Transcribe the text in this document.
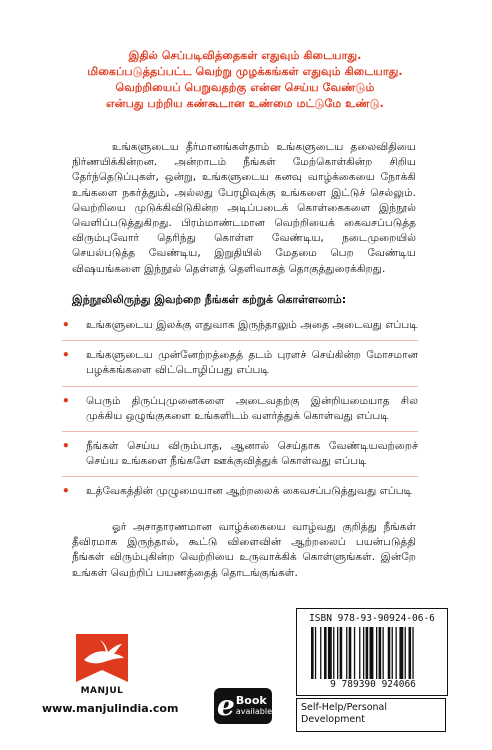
இதில் செப்படிவித்தைகள் எதுவும் கிடையாது.
மிகைப்படுத்தப்பட்ட வெற்று முழக்கங்கள் எதுவும் கிடையாது.
வெற்றியைப் பெறுவதற்கு என்ன செய்ய வேண்டும்
என்பது பற்றிய கண்கூடான உண்மை மட்டுமே உண்டு.
உங்களுடைய தீர்மானங்கள்தாம் உங்களுடைய தலைவிதியை நிர்ணயிக்கின்றன. அன்றாடம் நீங்கள் மேற்கொள்கின்ற சிறிய தேர்ந்தெடுப்புகள், ஒன்று, உங்களுடைய கனவு வாழ்க்கையை நோக்கி உங்களை நகர்த்தும், அல்லது பேரழிவுக்கு உங்களை இட்டுச் செல்லும். வெற்றியை முடுக்கிவிடுகின்ற அடிப்படைக் கொள்கைகளை இந்நூல் வெளிப்படுத்துகிறது. பிரம்மாண்டமான வெற்றியைக் கைவசப்படுத்த விரும்புவோர் தெரிந்து கொள்ள வேண்டிய, நடைமுறையில் செயல்படுத்த வேண்டிய, இறுதியில் மேதமை பெற வேண்டிய விஷயங்களை இந்நூல் தெள்ளத் தெளிவாகத் தொகுத்துரைக்கிறது.
இந்நூலிலிருந்து இவற்றை நீங்கள் கற்றுக் கொள்ளலாம்:
•	உங்களுடைய இலக்கு எதுவாக இருந்தாலும் அதை அடைவது எப்படி
•	உங்களுடைய முன்னேற்றத்தைத் தடம் புரளச் செய்கின்ற மோசமான பழக்கங்களை விட்டொழிப்பது எப்படி
•	பெரும் திருப்புமுனைகளை அடைவதற்கு இன்றியமையாத சில முக்கிய ஒழுங்குகளை உங்களிடம் வளர்த்துக் கொள்வது எப்படி
•	நீங்கள் செய்ய விரும்பாத, ஆனால் செய்தாக வேண்டியவற்றைச் செய்ய உங்களை நீங்களே ஊக்குவித்துக் கொள்வது எப்படி
•	உத்வேகத்தின் முழுமையான ஆற்றலைக் கைவசப்படுத்துவது எப்படி
ஓர் அசாதாரணமான வாழ்க்கையை வாழ்வது குறித்து நீங்கள் தீவிரமாக இருந்தால், கூட்டு விளைவின் ஆற்றலைப் பயன்படுத்தி நீங்கள் விரும்புகின்ற வெற்றியை உருவாக்கிக் கொள்ளுங்கள். இன்றே உங்கள் வெற்றிப் பயணத்தைத் தொடங்குங்கள்.
MANJUL
www.manjulindia.com e Book
available
ISBN 978-93-90924-06-6
9 789390 924066
Self-Help/Personal Development
